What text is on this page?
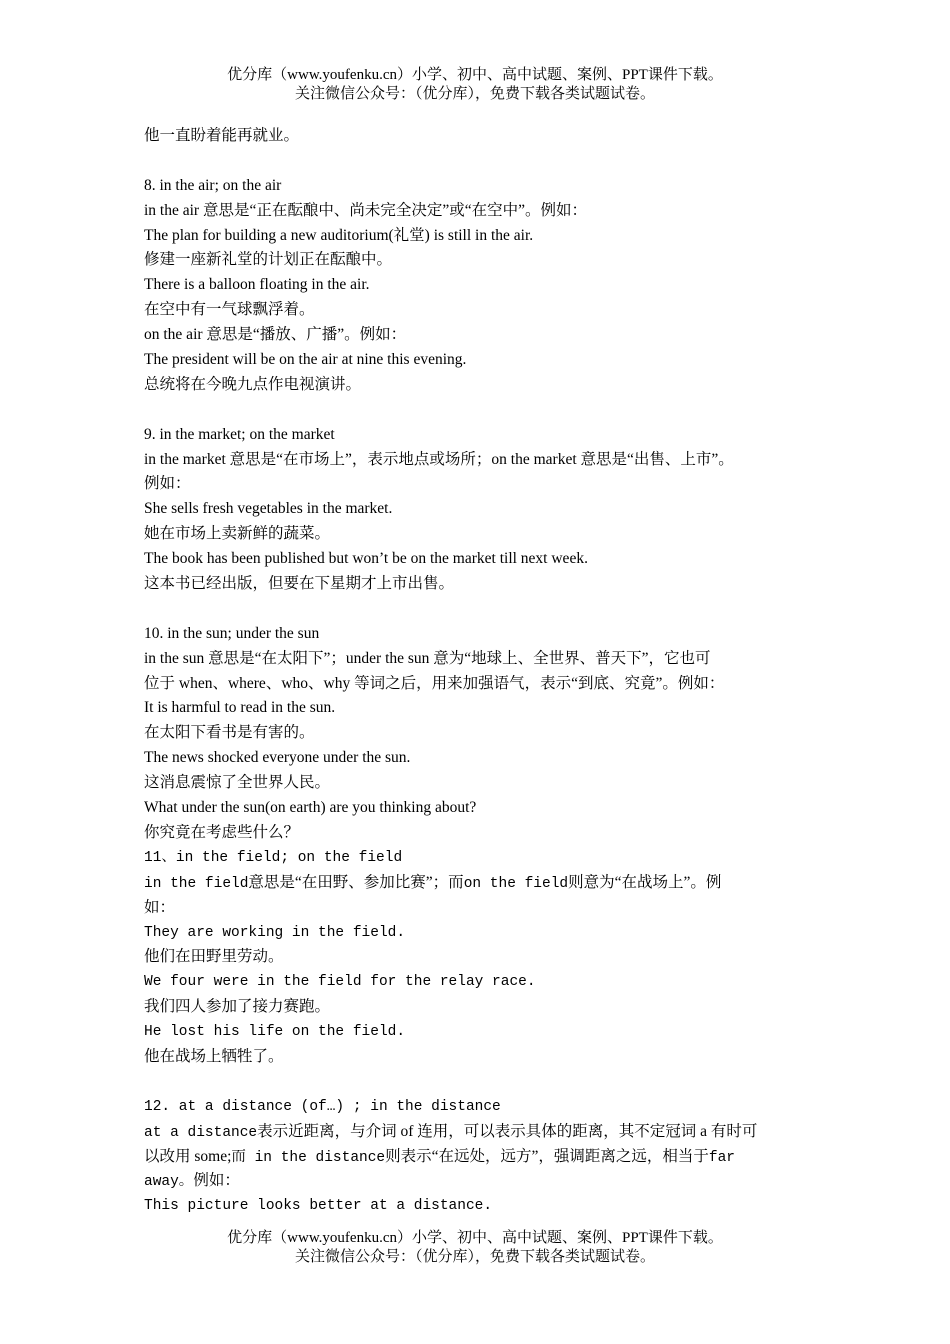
优分库（www.youfenku.cn）小学、初中、高中试题、案例、PPT课件下载。
关注微信公众号：（优分库），免费下载各类试题试卷。
他一直盼着能再就业。
8. in the air; on the air
in the air 意思是“正在酝酿中、尚未完全决定”或“在空中”。例如：
The plan for building a new auditorium(礼堂) is still in the air.
修建一座新礼堂的计划正在酝酿中。
There is a balloon floating in the air.
在空中有一气球飘浮着。
on the air 意思是“播放、广播”。例如：
The president will be on the air at nine this evening.
总统将在今晚九点作电视演讲。
9. in the market; on the market
in the market 意思是“在市场上”，表示地点或场所；on the market 意思是“出售、上市”。
例如：
She sells fresh vegetables in the market.
她在市场上卖新鲜的蔬菜。
The book has been published but won’t be on the market till next week.
这本书已经出版，但要在下星期才上市出售。
10. in the sun; under the sun
in the sun 意思是“在太阳下”；under the sun 意为“地球上、全世界、普天下”，它也可
位于 when、where、who、why 等词之后，用来加强语气，表示“到底、究竟”。例如：
It is harmful to read in the sun.
在太阳下看书是有害的。
The news shocked everyone under the sun.
这消息震惊了全世界人民。
What under the sun(on earth) are you thinking about?
你究竟在考虑些什么？
11、in the field; on the field
in the field意思是“在田野、参加比赛”；而on the field则意为“在战场上”。例
如：
They are working in the field.
他们在田野里劳动。
We four were in the field for the relay race.
我们四人参加了接力赛跑。
He lost his life on the field.
他在战场上牺牲了。
12. at a distance (of…) ; in the distance
at a distance表示近距离，与介词 of 连用，可以表示具体的距离，其不定冠词 a 有时可
以改用 some;而 in the distance则表示“在远处，远方”，强调距离之远，相当于far
away。例如：
This picture looks better at a distance.
优分库（www.youfenku.cn）小学、初中、高中试题、案例、PPT课件下载。
关注微信公众号：（优分库），免费下载各类试题试卷。
